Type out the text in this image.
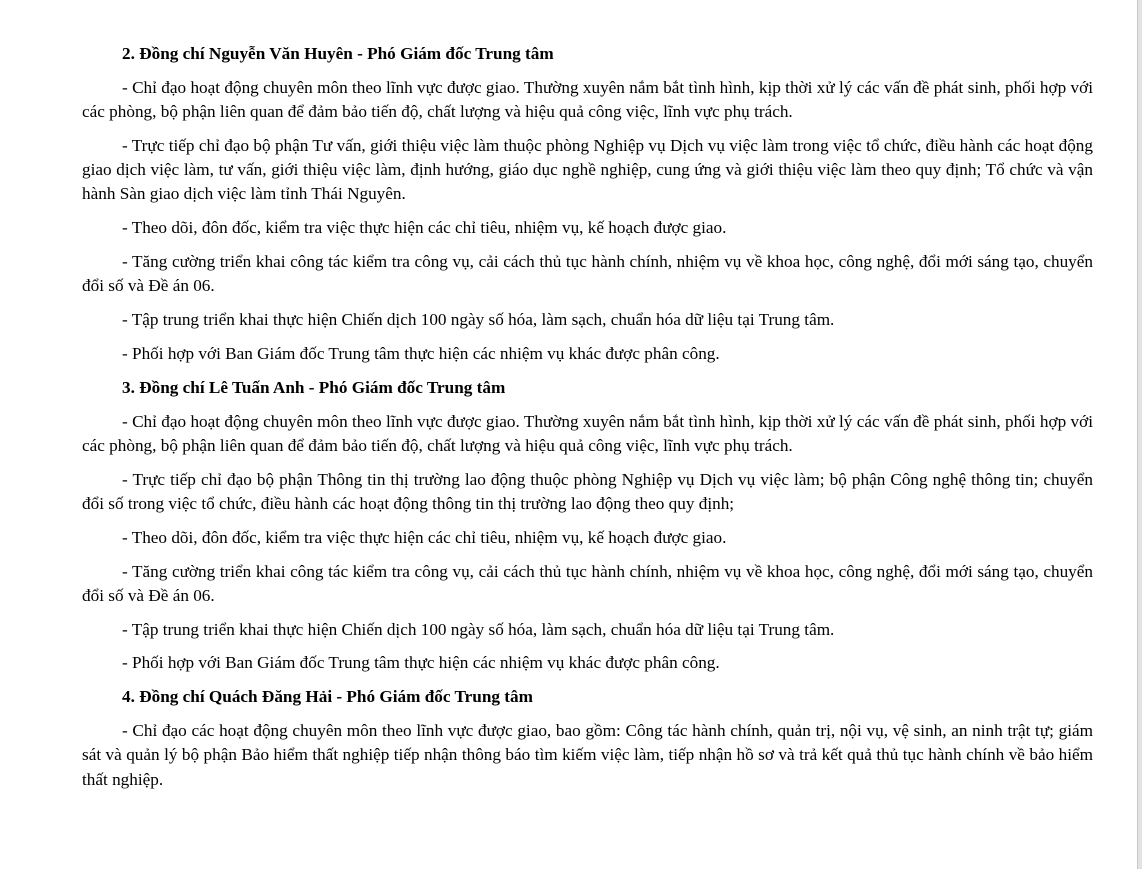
2. Đồng chí Nguyễn Văn Huyên - Phó Giám đốc Trung tâm
- Chỉ đạo hoạt động chuyên môn theo lĩnh vực được giao. Thường xuyên nắm bắt tình hình, kịp thời xử lý các vấn đề phát sinh, phối hợp với các phòng, bộ phận liên quan để đảm bảo tiến độ, chất lượng và hiệu quả công việc, lĩnh vực phụ trách.
- Trực tiếp chỉ đạo bộ phận Tư vấn, giới thiệu việc làm thuộc phòng Nghiệp vụ Dịch vụ việc làm trong việc tổ chức, điều hành các hoạt động giao dịch việc làm, tư vấn, giới thiệu việc làm, định hướng, giáo dục nghề nghiệp, cung ứng và giới thiệu việc làm theo quy định; Tổ chức và vận hành Sàn giao dịch việc làm tỉnh Thái Nguyên.
- Theo dõi, đôn đốc, kiểm tra việc thực hiện các chỉ tiêu, nhiệm vụ, kế hoạch được giao.
- Tăng cường triển khai công tác kiểm tra công vụ, cải cách thủ tục hành chính, nhiệm vụ về khoa học, công nghệ, đổi mới sáng tạo, chuyển đổi số và Đề án 06.
- Tập trung triển khai thực hiện Chiến dịch 100 ngày số hóa, làm sạch, chuẩn hóa dữ liệu tại Trung tâm.
- Phối hợp với Ban Giám đốc Trung tâm thực hiện các nhiệm vụ khác được phân công.
3. Đồng chí Lê Tuấn Anh - Phó Giám đốc Trung tâm
- Chỉ đạo hoạt động chuyên môn theo lĩnh vực được giao. Thường xuyên nắm bắt tình hình, kịp thời xử lý các vấn đề phát sinh, phối hợp với các phòng, bộ phận liên quan để đảm bảo tiến độ, chất lượng và hiệu quả công việc, lĩnh vực phụ trách.
- Trực tiếp chỉ đạo bộ phận Thông tin thị trường lao động thuộc phòng Nghiệp vụ Dịch vụ việc làm; bộ phận Công nghệ thông tin; chuyển đổi số trong việc tổ chức, điều hành các hoạt động thông tin thị trường lao động theo quy định;
- Theo dõi, đôn đốc, kiểm tra việc thực hiện các chỉ tiêu, nhiệm vụ, kế hoạch được giao.
- Tăng cường triển khai công tác kiểm tra công vụ, cải cách thủ tục hành chính, nhiệm vụ về khoa học, công nghệ, đổi mới sáng tạo, chuyển đổi số và Đề án 06.
- Tập trung triển khai thực hiện Chiến dịch 100 ngày số hóa, làm sạch, chuẩn hóa dữ liệu tại Trung tâm.
- Phối hợp với Ban Giám đốc Trung tâm thực hiện các nhiệm vụ khác được phân công.
4. Đồng chí Quách Đăng Hải - Phó Giám đốc Trung tâm
- Chỉ đạo các hoạt động chuyên môn theo lĩnh vực được giao, bao gồm: Công tác hành chính, quản trị, nội vụ, vệ sinh, an ninh trật tự; giám sát và quản lý bộ phận Bảo hiểm thất nghiệp tiếp nhận thông báo tìm kiếm việc làm, tiếp nhận hồ sơ và trả kết quả thủ tục hành chính về bảo hiểm thất nghiệp.
